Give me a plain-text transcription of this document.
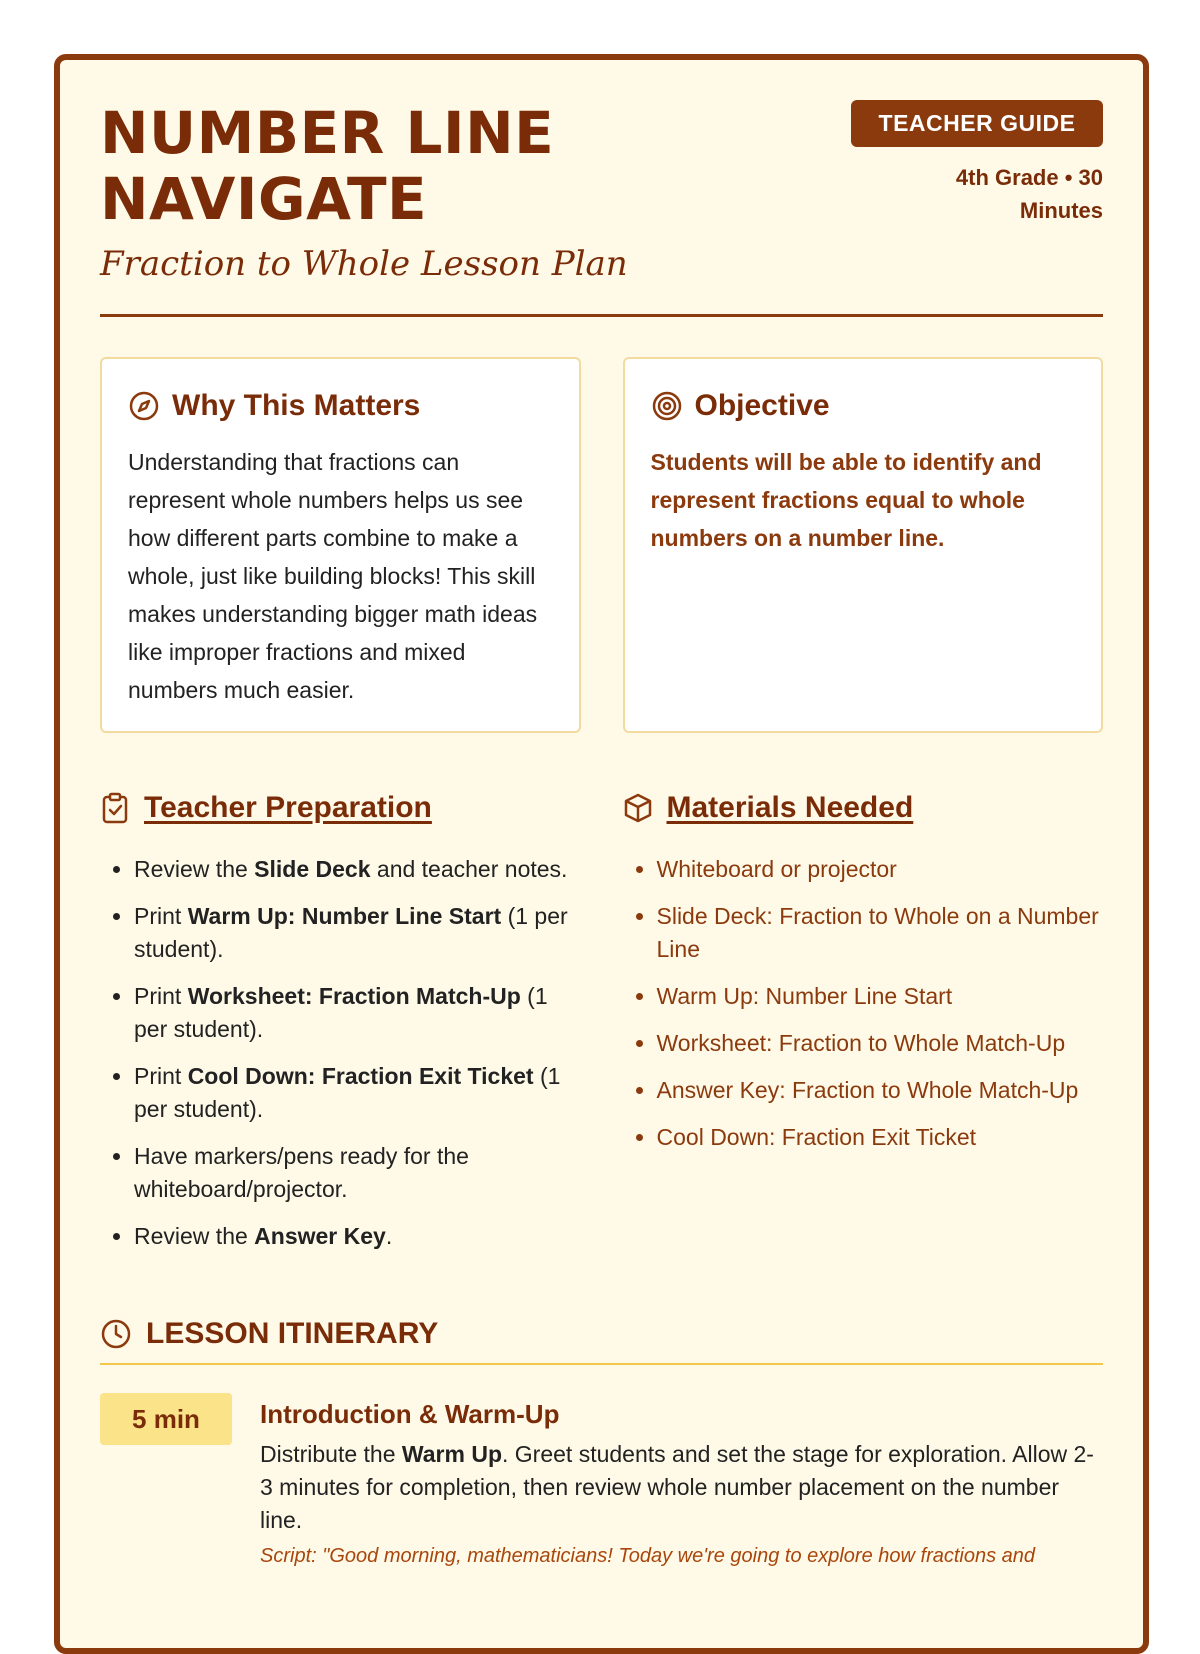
NUMBER LINE
NAVIGATE
Fraction to Whole Lesson Plan
TEACHER GUIDE
4th Grade • 30 Minutes
Why This Matters
Understanding that fractions can represent whole numbers helps us see how different parts combine to make a whole, just like building blocks! This skill makes understanding bigger math ideas like improper fractions and mixed numbers much easier.
Objective
Students will be able to identify and represent fractions equal to whole numbers on a number line.
Teacher Preparation
• Review the Slide Deck and teacher notes.
• Print Warm Up: Number Line Start (1 per student).
• Print Worksheet: Fraction Match-Up (1 per student).
• Print Cool Down: Fraction Exit Ticket (1 per student).
• Have markers/pens ready for the whiteboard/projector.
• Review the Answer Key.
Materials Needed
• Whiteboard or projector
• Slide Deck: Fraction to Whole on a Number Line
• Warm Up: Number Line Start
• Worksheet: Fraction to Whole Match-Up
• Answer Key: Fraction to Whole Match-Up
• Cool Down: Fraction Exit Ticket
LESSON ITINERARY
5 min	Introduction & Warm-Up
Distribute the Warm Up. Greet students and set the stage for exploration. Allow 2-3 minutes for completion, then review whole number placement on the number line.
Script: "Good morning, mathematicians! Today we're going to explore how fractions and
